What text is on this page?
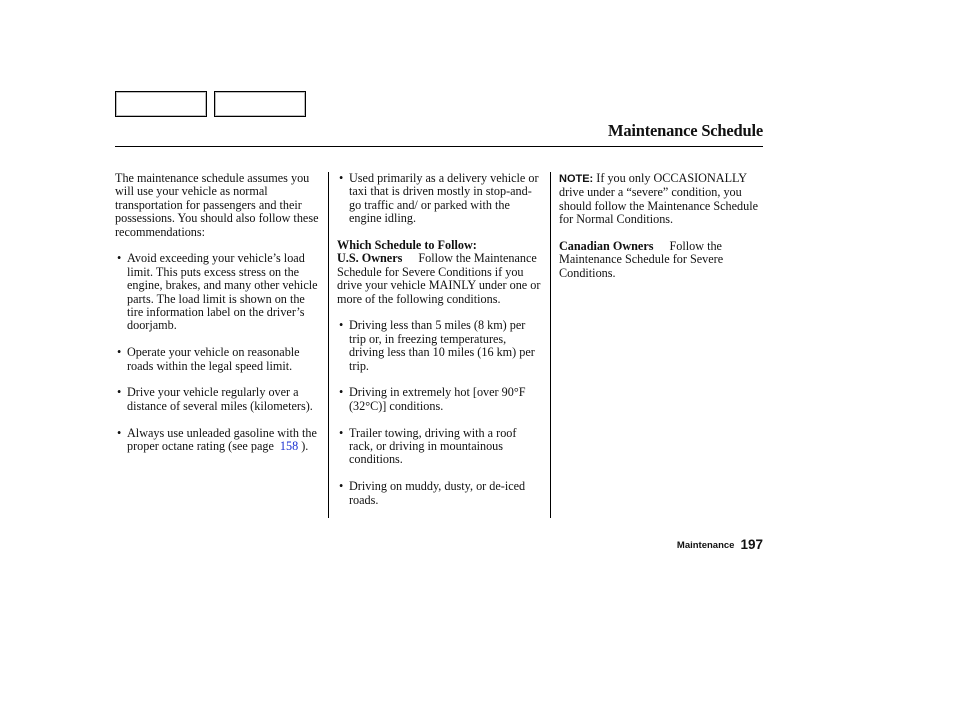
Maintenance Schedule

The maintenance schedule assumes you will use your vehicle as normal transportation for passengers and their possessions. You should also follow these recommendations:

• Avoid exceeding your vehicle’s load limit. This puts excess stress on the engine, brakes, and many other vehicle parts. The load limit is shown on the tire information label on the driver’s doorjamb.
• Operate your vehicle on reasonable roads within the legal speed limit.
• Drive your vehicle regularly over a distance of several miles (kilometers).
• Always use unleaded gasoline with the proper octane rating (see page 158 ).
• Used primarily as a delivery vehicle or taxi that is driven mostly in stop-and-go traffic and/ or parked with the engine idling.
Which Schedule to Follow:

U.S. Owners Follow the Maintenance Schedule for Severe Conditions if you drive your vehicle MAINLY under one or more of the following conditions.

• Driving less than 5 miles (8 km) per trip or, in freezing temperatures, driving less than 10 miles (16 km) per trip.
• Driving in extremely hot [over 90°F (32°C)] conditions.
• Trailer towing, driving with a roof rack, or driving in mountainous conditions.
• Driving on muddy, dusty, or de-iced roads.

NOTE: If you only OCCASIONALLY drive under a “severe” condition, you should follow the Maintenance Schedule for Normal Conditions.

Canadian Owners Follow the Maintenance Schedule for Severe Conditions.

Maintenance 197
